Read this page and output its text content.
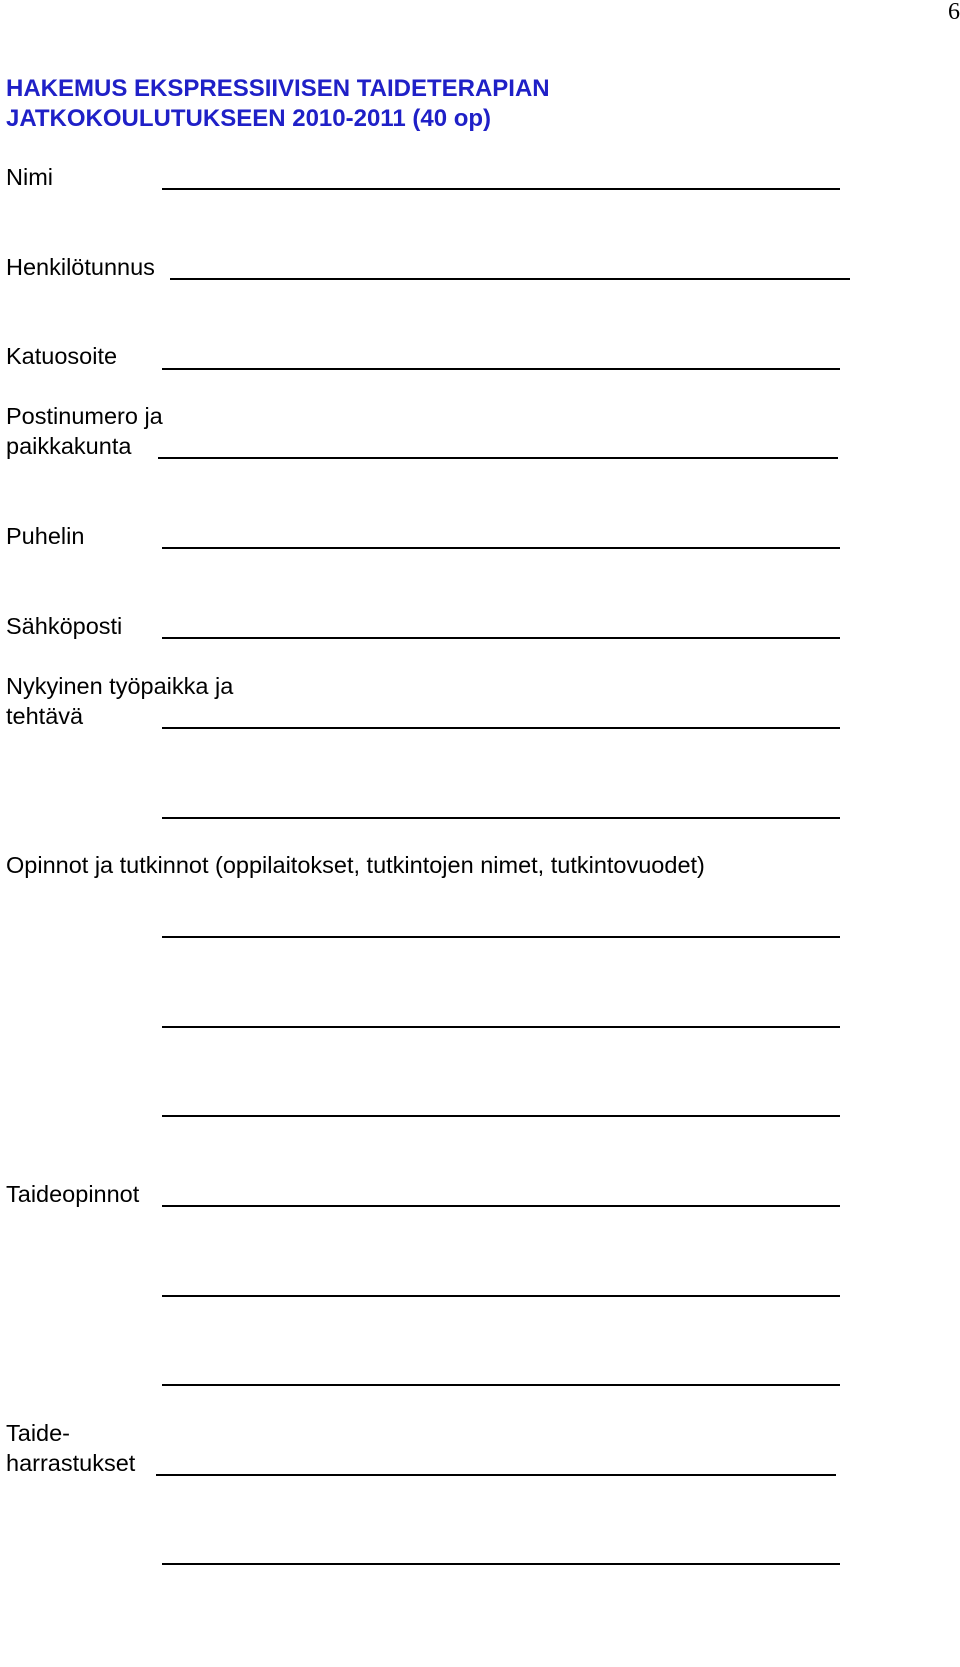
6
HAKEMUS EKSPRESSIIVISEN TAIDETERAPIAN
JATKOKOULUTUKSEEN 2010-2011 (40 op)
Nimi
Henkilötunnus
Katuosoite
Postinumero ja
paikkakunta
Puhelin
Sähköposti
Nykyinen työpaikka ja
tehtävä
Opinnot ja tutkinnot (oppilaitokset, tutkintojen nimet, tutkintovuodet)
Taideopinnot
Taide-
harrastukset
